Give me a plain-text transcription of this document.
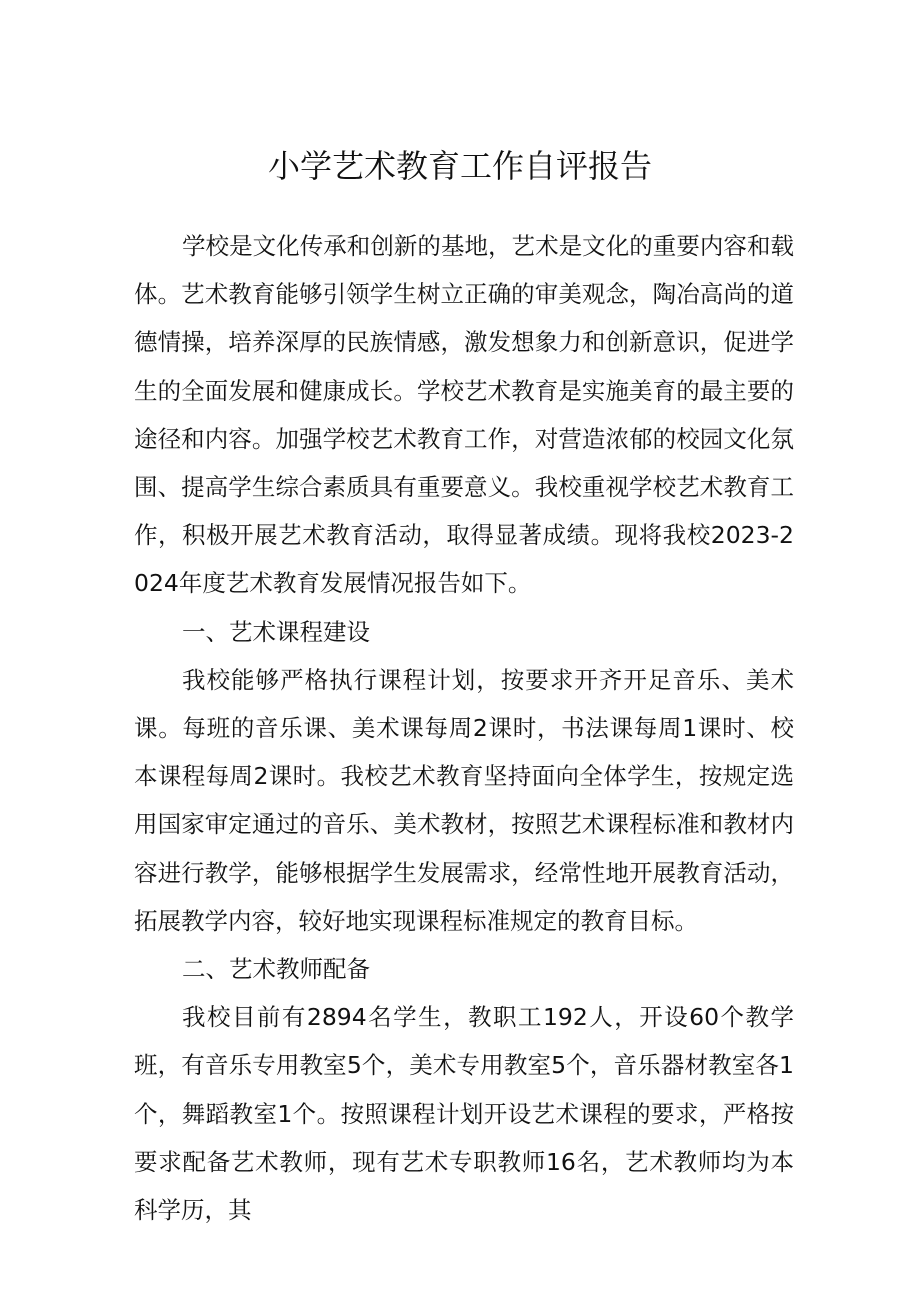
小学艺术教育工作自评报告

学校是文化传承和创新的基地，艺术是文化的重要内容和载体。艺术教育能够引领学生树立正确的审美观念，陶冶高尚的道德情操，培养深厚的民族情感，激发想象力和创新意识，促进学生的全面发展和健康成长。学校艺术教育是实施美育的最主要的途径和内容。加强学校艺术教育工作，对营造浓郁的校园文化氛围、提高学生综合素质具有重要意义。我校重视学校艺术教育工作，积极开展艺术教育活动，取得显著成绩。现将我校2023-2024年度艺术教育发展情况报告如下。

一、艺术课程建设

我校能够严格执行课程计划，按要求开齐开足音乐、美术课。每班的音乐课、美术课每周2课时，书法课每周1课时、校本课程每周2课时。我校艺术教育坚持面向全体学生，按规定选用国家审定通过的音乐、美术教材，按照艺术课程标准和教材内容进行教学，能够根据学生发展需求，经常性地开展教育活动，拓展教学内容，较好地实现课程标准规定的教育目标。

二、艺术教师配备

我校目前有2894名学生，教职工192人，开设60个教学班，有音乐专用教室5个，美术专用教室5个，音乐器材教室各1个，舞蹈教室1个。按照课程计划开设艺术课程的要求，严格按要求配备艺术教师，现有艺术专职教师16名，艺术教师均为本科学历，其
